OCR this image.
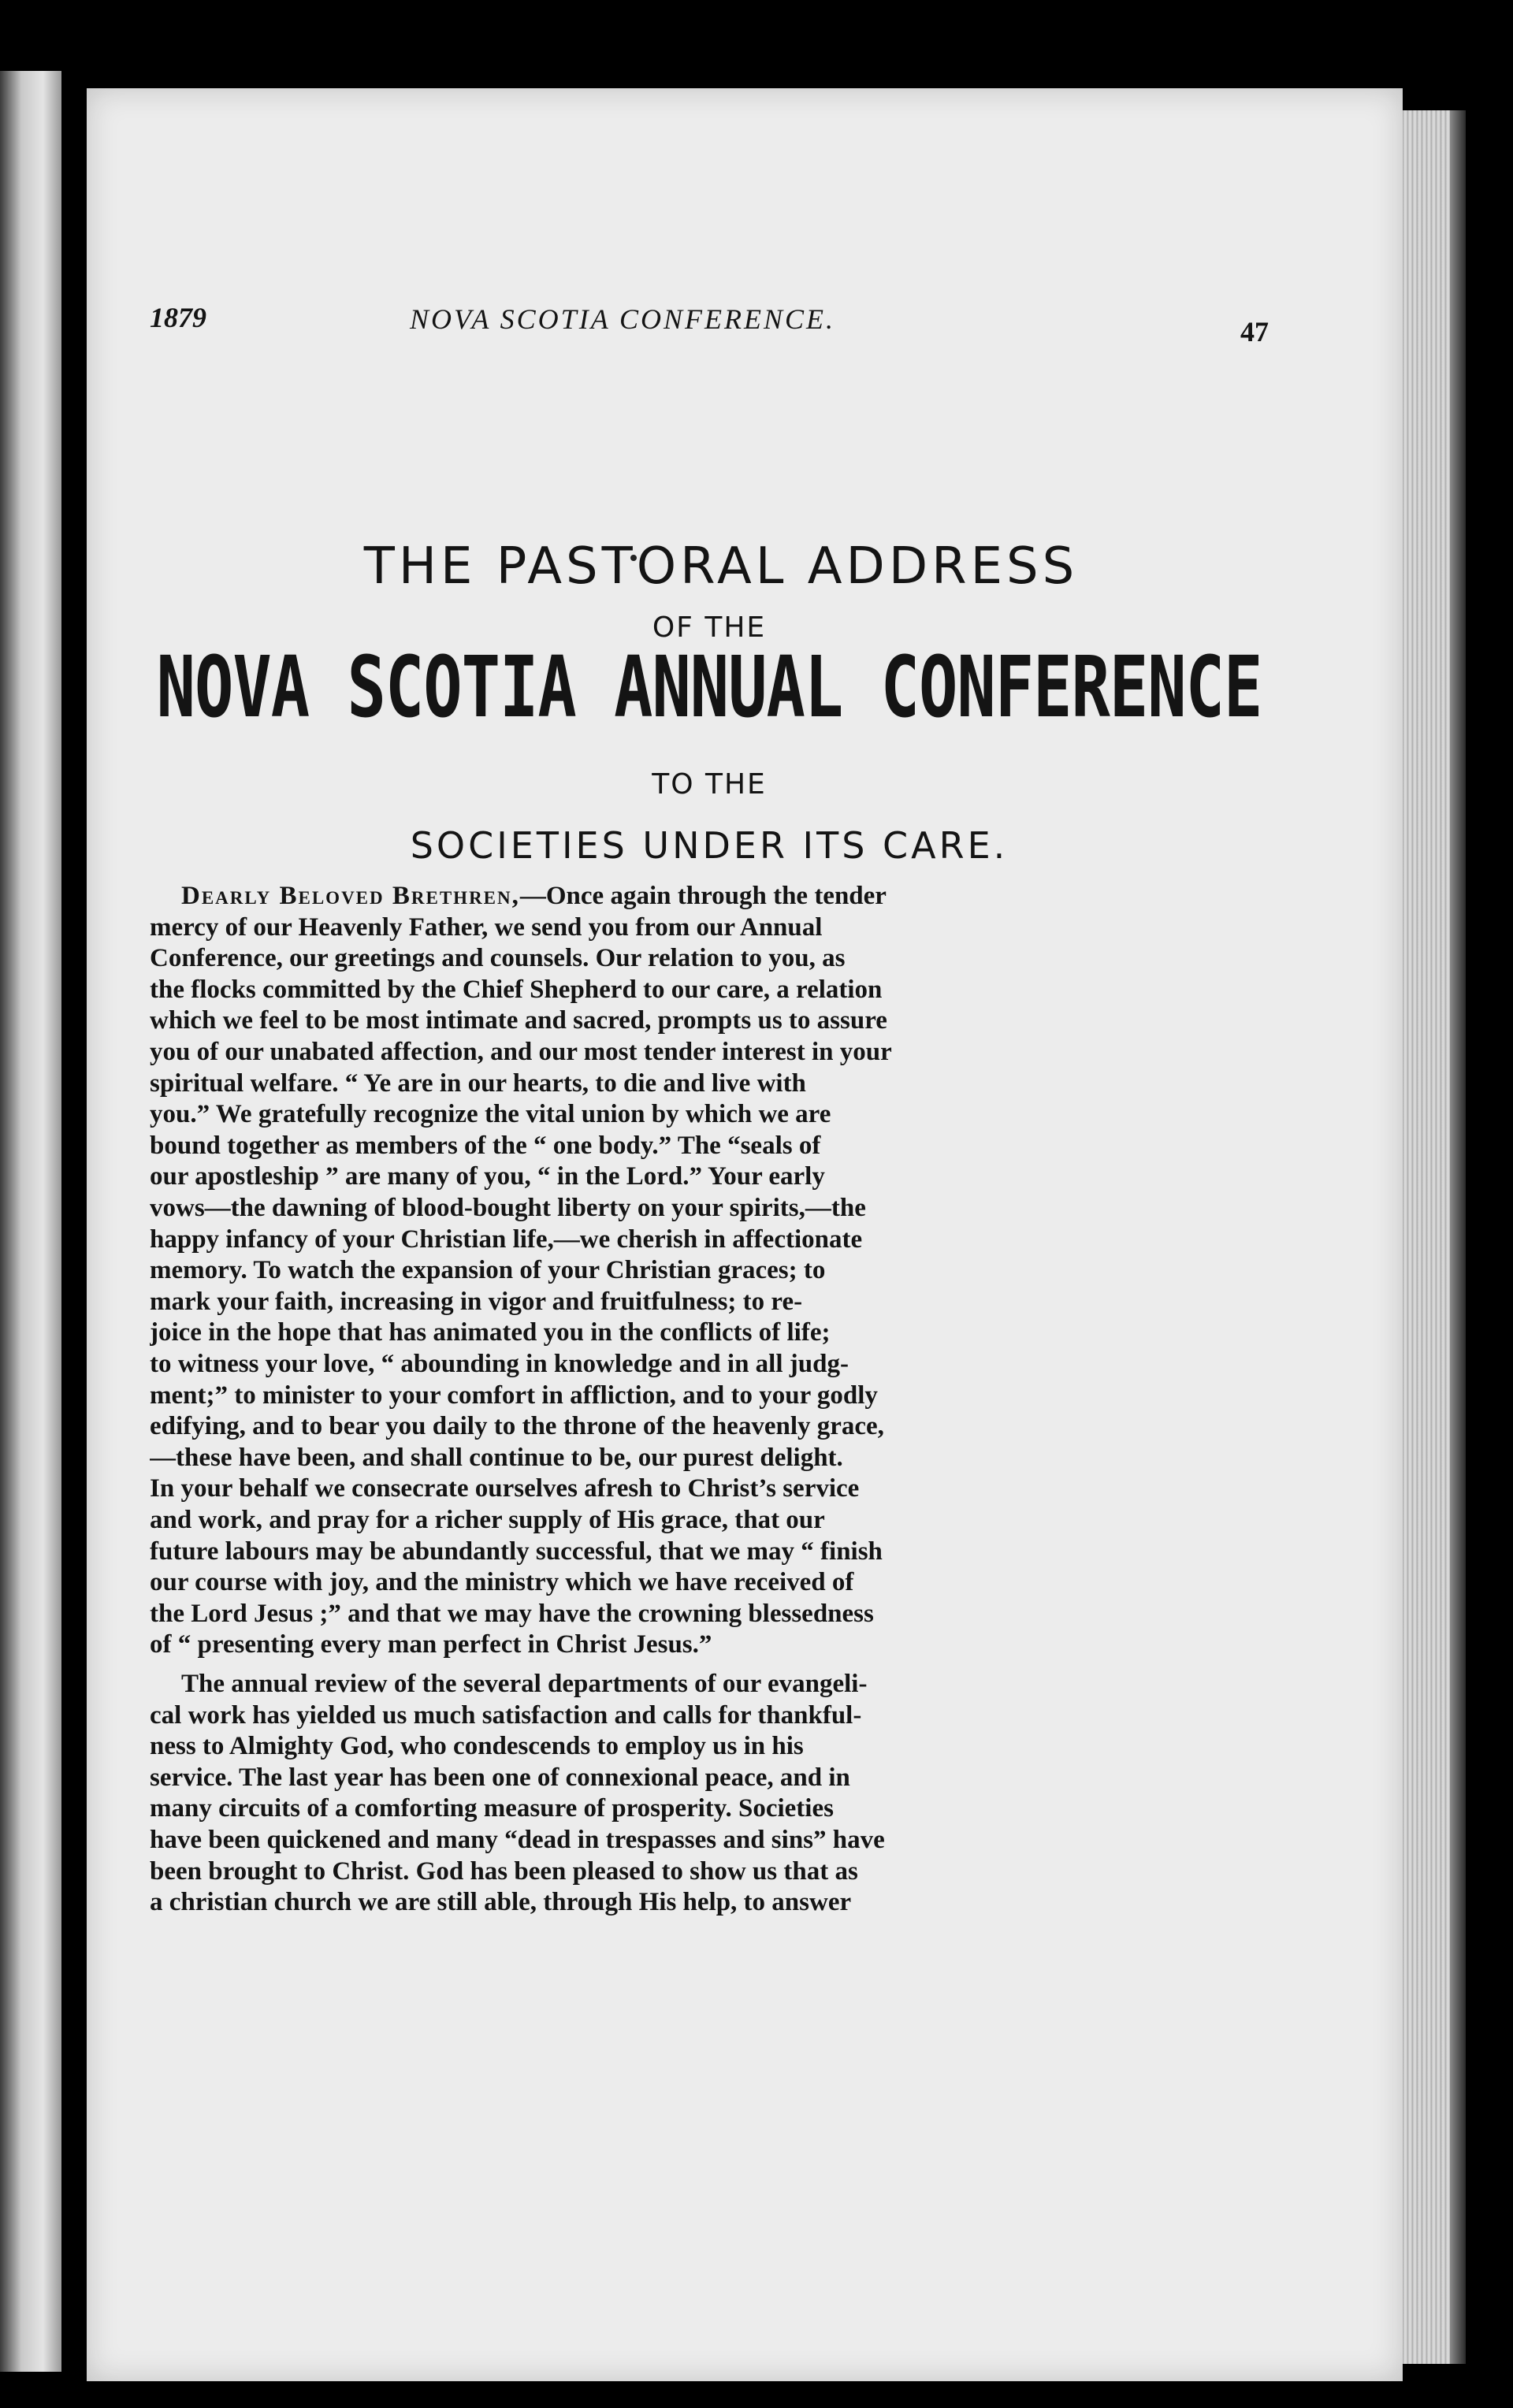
1879	NOVA SCOTIA CONFERENCE.	47
THE PASTORAL ADDRESS
OF THE
NOVA SCOTIA ANNUAL CONFERENCE
TO THE
SOCIETIES UNDER ITS CARE.
Dearly Beloved Brethren,—Once again through the tender
mercy of our Heavenly Father, we send you from our Annual
Conference, our greetings and counsels. Our relation to you, as
the flocks committed by the Chief Shepherd to our care, a relation
which we feel to be most intimate and sacred, prompts us to assure
you of our unabated affection, and our most tender interest in your
spiritual welfare. “ Ye are in our hearts, to die and live with
you.” We gratefully recognize the vital union by which we are
bound together as members of the “ one body.” The “seals of
our apostleship ” are many of you, “ in the Lord.” Your early
vows—the dawning of blood-bought liberty on your spirits,—the
happy infancy of your Christian life,—we cherish in affectionate
memory. To watch the expansion of your Christian graces; to
mark your faith, increasing in vigor and fruitfulness; to re-
joice in the hope that has animated you in the conflicts of life;
to witness your love, “ abounding in knowledge and in all judg-
ment;” to minister to your comfort in affliction, and to your godly
edifying, and to bear you daily to the throne of the heavenly grace,
—these have been, and shall continue to be, our purest delight.
In your behalf we consecrate ourselves afresh to Christ’s service
and work, and pray for a richer supply of His grace, that our
future labours may be abundantly successful, that we may “ finish
our course with joy, and the ministry which we have received of
the Lord Jesus ;” and that we may have the crowning blessedness
of “ presenting every man perfect in Christ Jesus.”
The annual review of the several departments of our evangeli-
cal work has yielded us much satisfaction and calls for thankful-
ness to Almighty God, who condescends to employ us in his
service. The last year has been one of connexional peace, and in
many circuits of a comforting measure of prosperity. Societies
have been quickened and many “dead in trespasses and sins” have
been brought to Christ. God has been pleased to show us that as
a christian church we are still able, through His help, to answer
